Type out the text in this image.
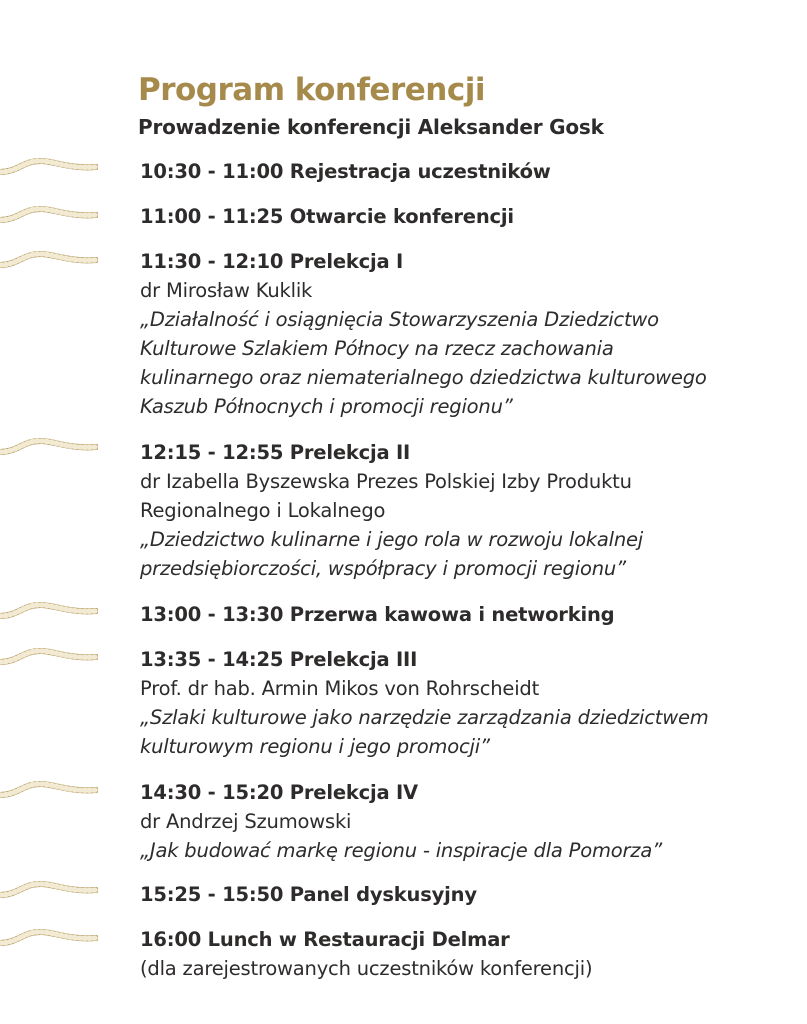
Program konferencji
Prowadzenie konferencji Aleksander Gosk
10:30 - 11:00 Rejestracja uczestników
11:00 - 11:25 Otwarcie konferencji
11:30 - 12:10 Prelekcja I
dr Mirosław Kuklik
„Działalność i osiągnięcia Stowarzyszenia Dziedzictwo
Kulturowe Szlakiem Północy na rzecz zachowania
kulinarnego oraz niematerialnego dziedzictwa kulturowego
Kaszub Północnych i promocji regionu”
12:15 - 12:55 Prelekcja II
dr Izabella Byszewska Prezes Polskiej Izby Produktu
Regionalnego i Lokalnego
„Dziedzictwo kulinarne i jego rola w rozwoju lokalnej
przedsiębiorczości, współpracy i promocji regionu”
13:00 - 13:30 Przerwa kawowa i networking
13:35 - 14:25 Prelekcja III
Prof. dr hab. Armin Mikos von Rohrscheidt
„Szlaki kulturowe jako narzędzie zarządzania dziedzictwem
kulturowym regionu i jego promocji”
14:30 - 15:20 Prelekcja IV
dr Andrzej Szumowski
„Jak budować markę regionu - inspiracje dla Pomorza”
15:25 - 15:50 Panel dyskusyjny
16:00 Lunch w Restauracji Delmar
(dla zarejestrowanych uczestników konferencji)
